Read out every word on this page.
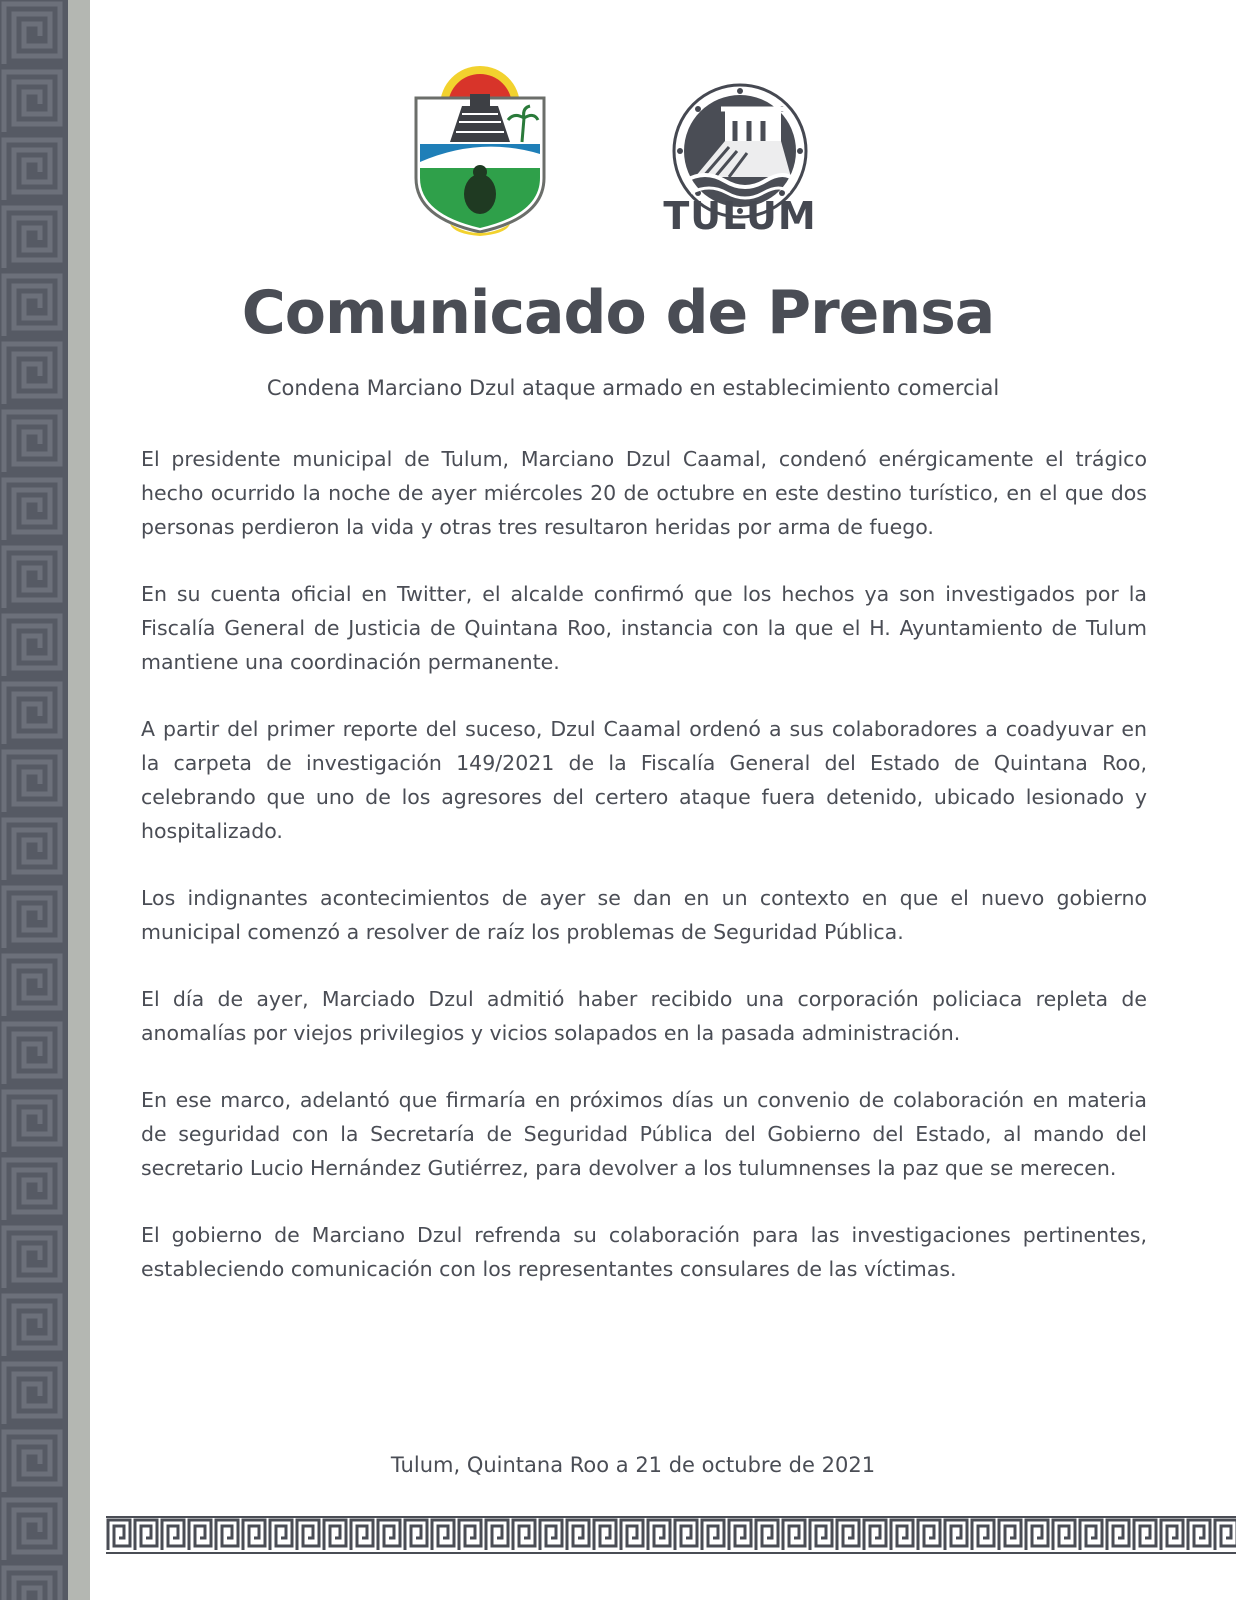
TULUM
Comunicado de Prensa

Condena Marciano Dzul ataque armado en establecimiento comercial

El presidente municipal de Tulum, Marciano Dzul Caamal, condenó enérgicamente el trágico hecho ocurrido la noche de ayer miércoles 20 de octubre en este destino turístico, en el que dos personas perdieron la vida y otras tres resultaron heridas por arma de fuego.

En su cuenta oficial en Twitter, el alcalde confirmó que los hechos ya son investigados por la Fiscalía General de Justicia de Quintana Roo, instancia con la que el H. Ayuntamiento de Tulum mantiene una coordinación permanente.

A partir del primer reporte del suceso, Dzul Caamal ordenó a sus colaboradores a coadyuvar en la carpeta de investigación 149/2021 de la Fiscalía General del Estado de Quintana Roo, celebrando que uno de los agresores del certero ataque fuera detenido, ubicado lesionado y hospitalizado.

Los indignantes acontecimientos de ayer se dan en un contexto en que el nuevo gobierno municipal comenzó a resolver de raíz los problemas de Seguridad Pública.

El día de ayer, Marciado Dzul admitió haber recibido una corporación policiaca repleta de anomalías por viejos privilegios y vicios solapados en la pasada administración.

En ese marco, adelantó que firmaría en próximos días un convenio de colaboración en materia de seguridad con la Secretaría de Seguridad Pública del Gobierno del Estado, al mando del secretario Lucio Hernández Gutiérrez, para devolver a los tulumnenses la paz que se merecen.

El gobierno de Marciano Dzul refrenda su colaboración para las investigaciones pertinentes, estableciendo comunicación con los representantes consulares de las víctimas.

Tulum, Quintana Roo a 21 de octubre de 2021
